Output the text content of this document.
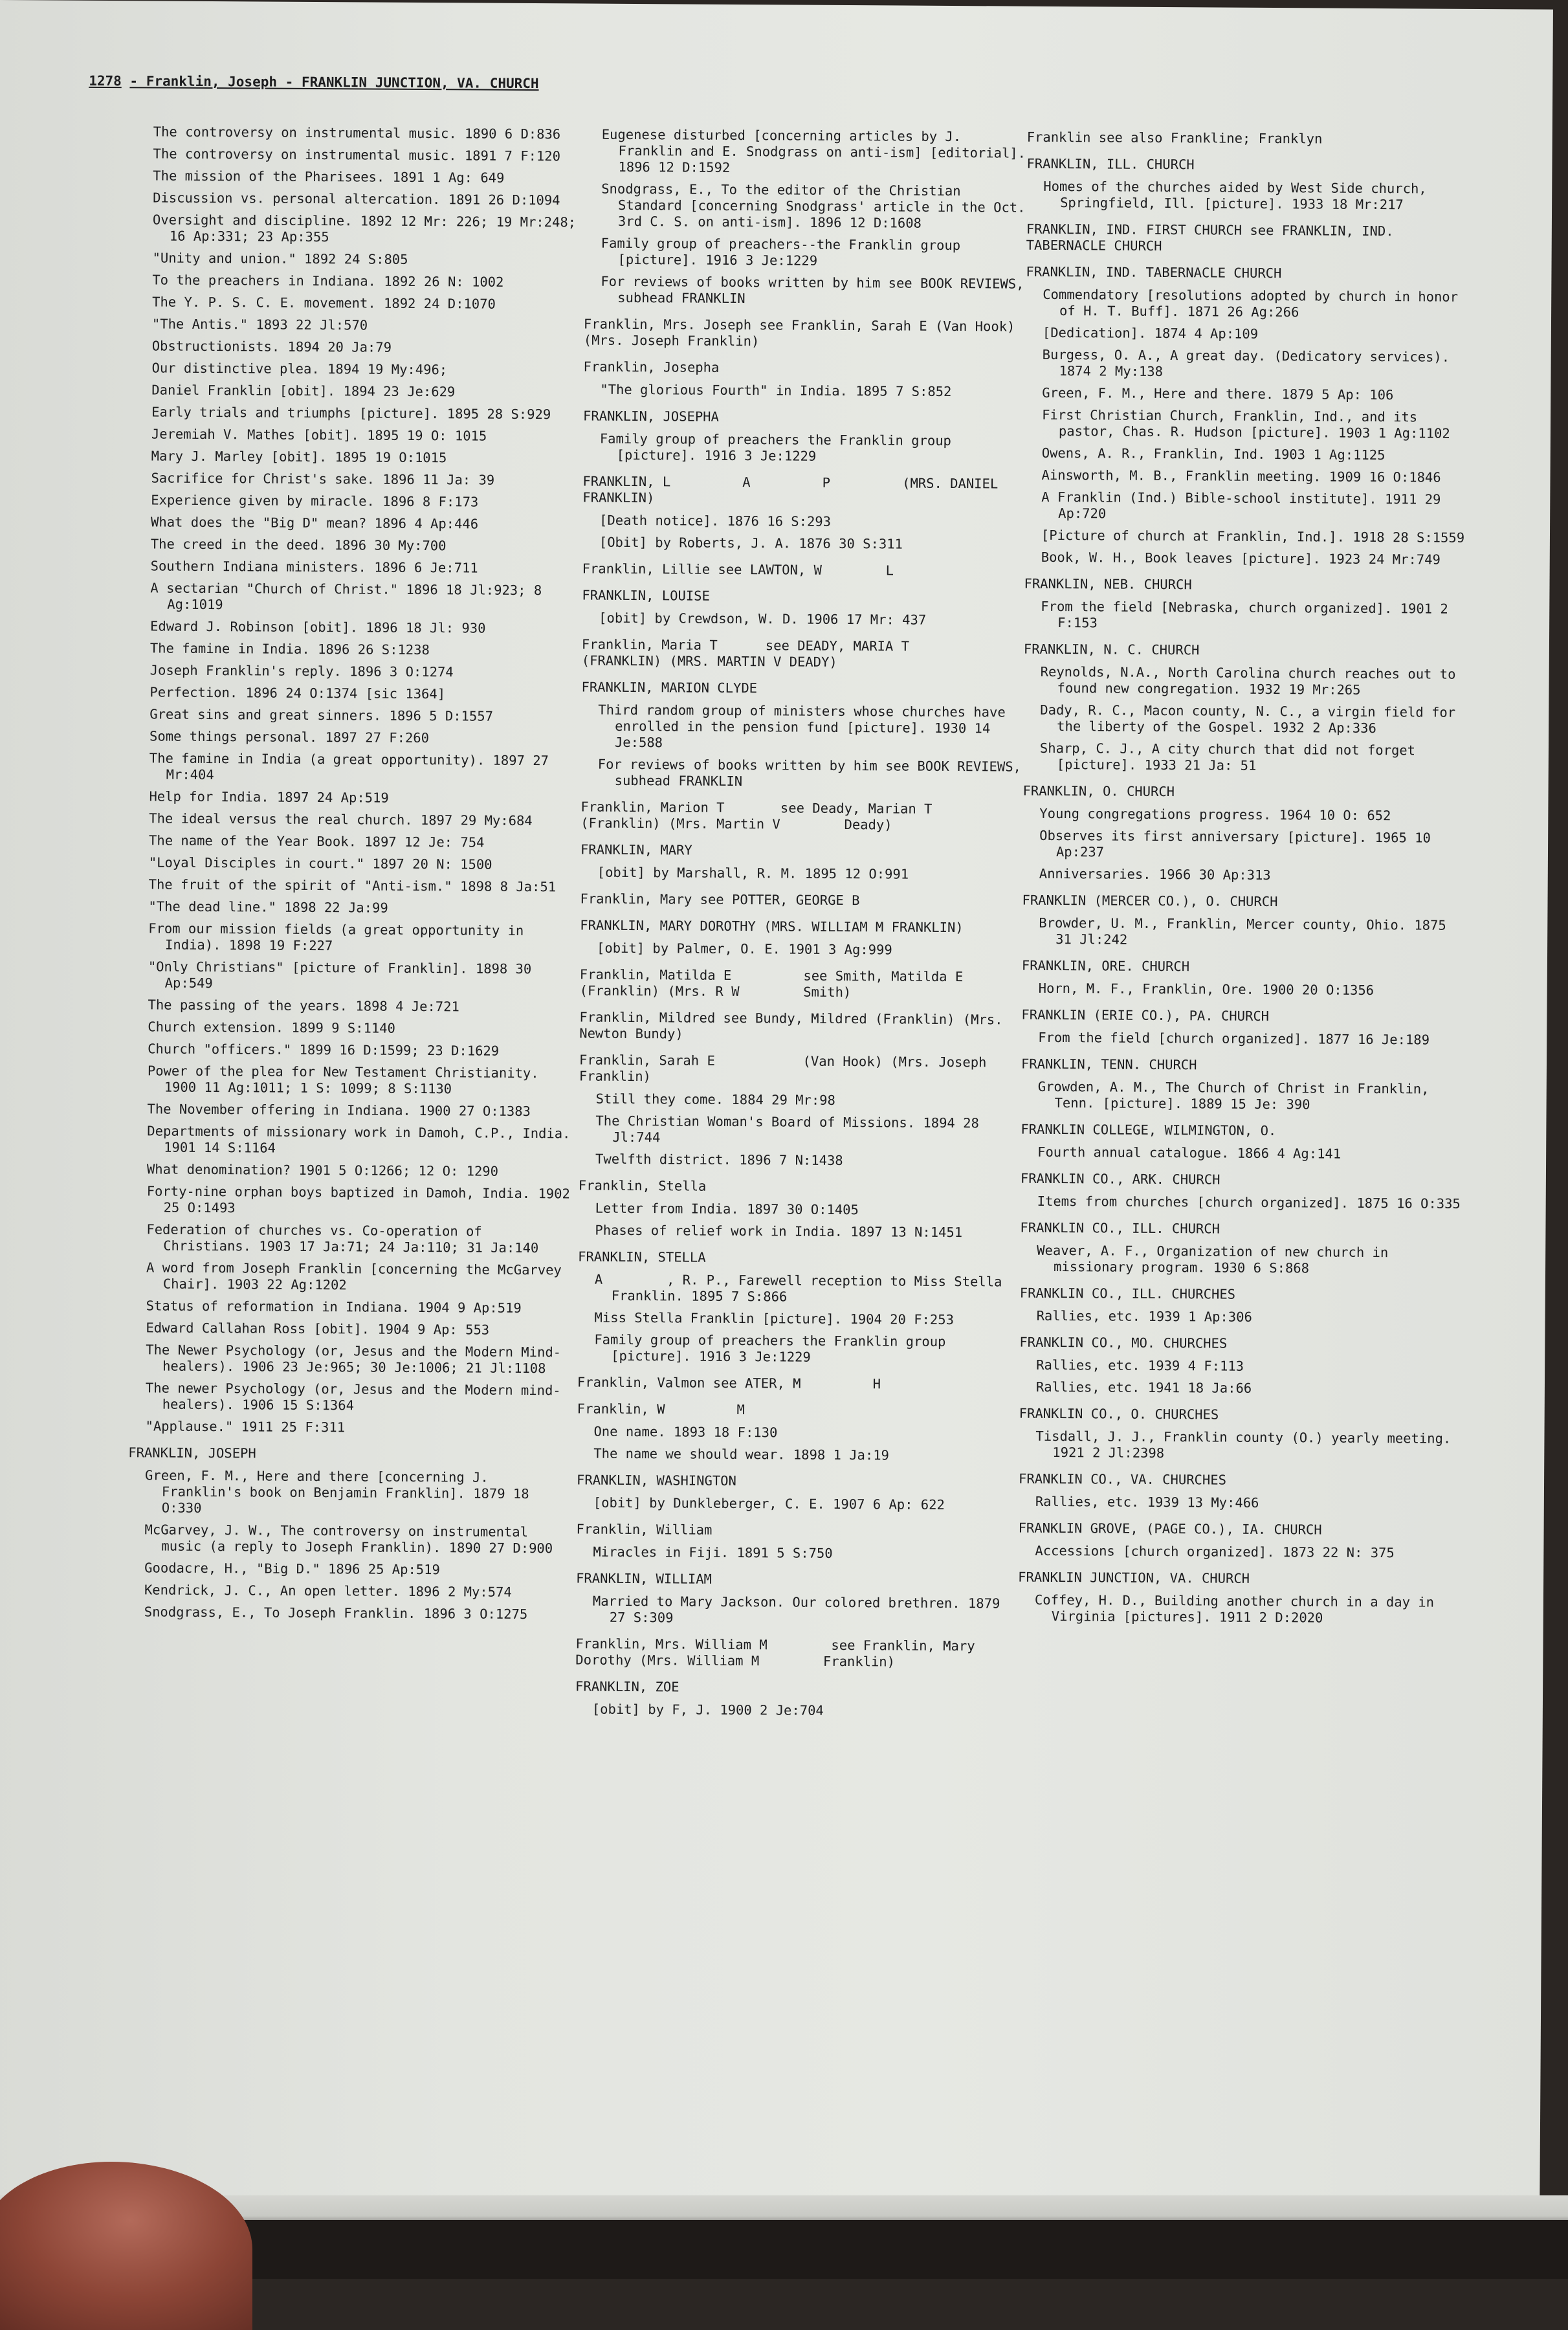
1278 - Franklin, Joseph - FRANKLIN JUNCTION, VA. CHURCH
The controversy on instrumental music. 1890 6 D:836
The controversy on instrumental music. 1891 7 F:120
The mission of the Pharisees. 1891 1 Ag: 649
Discussion vs. personal altercation. 1891 26 D:1094
Oversight and discipline. 1892 12 Mr: 226; 19 Mr:248; 16 Ap:331; 23 Ap:355
"Unity and union." 1892 24 S:805
To the preachers in Indiana. 1892 26 N: 1002
The Y. P. S. C. E. movement. 1892 24 D:1070
"The Antis." 1893 22 Jl:570
Obstructionists. 1894 20 Ja:79
Our distinctive plea. 1894 19 My:496;
Daniel Franklin [obit]. 1894 23 Je:629
Early trials and triumphs [picture]. 1895 28 S:929
Jeremiah V. Mathes [obit]. 1895 19 O: 1015
Mary J. Marley [obit]. 1895 19 O:1015
Sacrifice for Christ's sake. 1896 11 Ja: 39
Experience given by miracle. 1896 8 F:173
What does the "Big D" mean? 1896 4 Ap:446
The creed in the deed. 1896 30 My:700
Southern Indiana ministers. 1896 6 Je:711
A sectarian "Church of Christ." 1896 18 Jl:923; 8 Ag:1019
Edward J. Robinson [obit]. 1896 18 Jl: 930
The famine in India. 1896 26 S:1238
Joseph Franklin's reply. 1896 3 O:1274
Perfection. 1896 24 O:1374 [sic 1364]
Great sins and great sinners. 1896 5 D:1557
Some things personal. 1897 27 F:260
The famine in India (a great opportunity). 1897 27 Mr:404
Help for India. 1897 24 Ap:519
The ideal versus the real church. 1897 29 My:684
The name of the Year Book. 1897 12 Je: 754
"Loyal Disciples in court." 1897 20 N: 1500
The fruit of the spirit of "Anti-ism." 1898 8 Ja:51
"The dead line." 1898 22 Ja:99
From our mission fields (a great opportunity in India). 1898 19 F:227
"Only Christians" [picture of Franklin]. 1898 30 Ap:549
The passing of the years. 1898 4 Je:721
Church extension. 1899 9 S:1140
Church "officers." 1899 16 D:1599; 23 D:1629
Power of the plea for New Testament Christianity. 1900 11 Ag:1011; 1 S: 1099; 8 S:1130
The November offering in Indiana. 1900 27 O:1383
Departments of missionary work in Damoh, C.P., India. 1901 14 S:1164
What denomination? 1901 5 O:1266; 12 O: 1290
Forty-nine orphan boys baptized in Damoh, India. 1902 25 O:1493
Federation of churches vs. Co-operation of Christians. 1903 17 Ja:71; 24 Ja:110; 31 Ja:140
A word from Joseph Franklin [concerning the McGarvey Chair]. 1903 22 Ag:1202
Status of reformation in Indiana. 1904 9 Ap:519
Edward Callahan Ross [obit]. 1904 9 Ap: 553
The Newer Psychology (or, Jesus and the Modern Mind-healers). 1906 23 Je:965; 30 Je:1006; 21 Jl:1108
The newer Psychology (or, Jesus and the Modern mind-healers). 1906 15 S:1364
"Applause." 1911 25 F:311
FRANKLIN, JOSEPH
Green, F. M., Here and there [concerning J. Franklin's book on Benjamin Franklin]. 1879 18 O:330
McGarvey, J. W., The controversy on instrumental music (a reply to Joseph Franklin). 1890 27 D:900
Goodacre, H., "Big D." 1896 25 Ap:519
Kendrick, J. C., An open letter. 1896 2 My:574
Snodgrass, E., To Joseph Franklin. 1896 3 O:1275
Eugenese disturbed [concerning articles by J. Franklin and E. Snodgrass on anti-ism] [editorial]. 1896 12 D:1592
Snodgrass, E., To the editor of the Christian Standard [concerning Snodgrass' article in the Oct. 3rd C. S. on anti-ism]. 1896 12 D:1608
Family group of preachers--the Franklin group [picture]. 1916 3 Je:1229
For reviews of books written by him see BOOK REVIEWS, subhead FRANKLIN
Franklin, Mrs. Joseph see Franklin, Sarah E (Van Hook) (Mrs. Joseph Franklin)
Franklin, Josepha
"The glorious Fourth" in India. 1895 7 S:852
FRANKLIN, JOSEPHA
Family group of preachers the Franklin group [picture]. 1916 3 Je:1229
FRANKLIN, L         A         P         (MRS. DANIEL FRANKLIN)
[Death notice]. 1876 16 S:293
[Obit] by Roberts, J. A. 1876 30 S:311
Franklin, Lillie see LAWTON, W        L
FRANKLIN, LOUISE
[obit] by Crewdson, W. D. 1906 17 Mr: 437
Franklin, Maria T      see DEADY, MARIA T      (FRANKLIN) (MRS. MARTIN V DEADY)
FRANKLIN, MARION CLYDE
Third random group of ministers whose churches have enrolled in the pension fund [picture]. 1930 14 Je:588
For reviews of books written by him see BOOK REVIEWS, subhead FRANKLIN
Franklin, Marion T       see Deady, Marian T        (Franklin) (Mrs. Martin V        Deady)
FRANKLIN, MARY
[obit] by Marshall, R. M. 1895 12 O:991
Franklin, Mary see POTTER, GEORGE B
FRANKLIN, MARY DOROTHY (MRS. WILLIAM M FRANKLIN)
[obit] by Palmer, O. E. 1901 3 Ag:999
Franklin, Matilda E         see Smith, Matilda E         (Franklin) (Mrs. R W        Smith)
Franklin, Mildred see Bundy, Mildred (Franklin) (Mrs. Newton Bundy)
Franklin, Sarah E           (Van Hook) (Mrs. Joseph Franklin)
Still they come. 1884 29 Mr:98
The Christian Woman's Board of Missions. 1894 28 Jl:744
Twelfth district. 1896 7 N:1438
Franklin, Stella
Letter from India. 1897 30 O:1405
Phases of relief work in India. 1897 13 N:1451
FRANKLIN, STELLA
A        , R. P., Farewell reception to Miss Stella Franklin. 1895 7 S:866
Miss Stella Franklin [picture]. 1904 20 F:253
Family group of preachers the Franklin group [picture]. 1916 3 Je:1229
Franklin, Valmon see ATER, M         H
Franklin, W         M
One name. 1893 18 F:130
The name we should wear. 1898 1 Ja:19
FRANKLIN, WASHINGTON
[obit] by Dunkleberger, C. E. 1907 6 Ap: 622
Franklin, William
Miracles in Fiji. 1891 5 S:750
FRANKLIN, WILLIAM
Married to Mary Jackson. Our colored brethren. 1879 27 S:309
Franklin, Mrs. William M        see Franklin, Mary Dorothy (Mrs. William M        Franklin)
FRANKLIN, ZOE
[obit] by F, J. 1900 2 Je:704
Franklin see also Frankline; Franklyn
FRANKLIN, ILL. CHURCH
Homes of the churches aided by West Side church, Springfield, Ill. [picture]. 1933 18 Mr:217
FRANKLIN, IND. FIRST CHURCH see FRANKLIN, IND. TABERNACLE CHURCH
FRANKLIN, IND. TABERNACLE CHURCH
Commendatory [resolutions adopted by church in honor of H. T. Buff]. 1871 26 Ag:266
[Dedication]. 1874 4 Ap:109
Burgess, O. A., A great day. (Dedicatory services). 1874 2 My:138
Green, F. M., Here and there. 1879 5 Ap: 106
First Christian Church, Franklin, Ind., and its pastor, Chas. R. Hudson [picture]. 1903 1 Ag:1102
Owens, A. R., Franklin, Ind. 1903 1 Ag:1125
Ainsworth, M. B., Franklin meeting. 1909 16 O:1846
A Franklin (Ind.) Bible-school institute]. 1911 29 Ap:720
[Picture of church at Franklin, Ind.]. 1918 28 S:1559
Book, W. H., Book leaves [picture]. 1923 24 Mr:749
FRANKLIN, NEB. CHURCH
From the field [Nebraska, church organized]. 1901 2 F:153
FRANKLIN, N. C. CHURCH
Reynolds, N.A., North Carolina church reaches out to found new congregation. 1932 19 Mr:265
Dady, R. C., Macon county, N. C., a virgin field for the liberty of the Gospel. 1932 2 Ap:336
Sharp, C. J., A city church that did not forget [picture]. 1933 21 Ja: 51
FRANKLIN, O. CHURCH
Young congregations progress. 1964 10 O: 652
Observes its first anniversary [picture]. 1965 10 Ap:237
Anniversaries. 1966 30 Ap:313
FRANKLIN (MERCER CO.), O. CHURCH
Browder, U. M., Franklin, Mercer county, Ohio. 1875 31 Jl:242
FRANKLIN, ORE. CHURCH
Horn, M. F., Franklin, Ore. 1900 20 O:1356
FRANKLIN (ERIE CO.), PA. CHURCH
From the field [church organized]. 1877 16 Je:189
FRANKLIN, TENN. CHURCH
Growden, A. M., The Church of Christ in Franklin, Tenn. [picture]. 1889 15 Je: 390
FRANKLIN COLLEGE, WILMINGTON, O.
Fourth annual catalogue. 1866 4 Ag:141
FRANKLIN CO., ARK. CHURCH
Items from churches [church organized]. 1875 16 O:335
FRANKLIN CO., ILL. CHURCH
Weaver, A. F., Organization of new church in missionary program. 1930 6 S:868
FRANKLIN CO., ILL. CHURCHES
Rallies, etc. 1939 1 Ap:306
FRANKLIN CO., MO. CHURCHES
Rallies, etc. 1939 4 F:113
Rallies, etc. 1941 18 Ja:66
FRANKLIN CO., O. CHURCHES
Tisdall, J. J., Franklin county (O.) yearly meeting. 1921 2 Jl:2398
FRANKLIN CO., VA. CHURCHES
Rallies, etc. 1939 13 My:466
FRANKLIN GROVE, (PAGE CO.), IA. CHURCH
Accessions [church organized]. 1873 22 N: 375
FRANKLIN JUNCTION, VA. CHURCH
Coffey, H. D., Building another church in a day in Virginia [pictures]. 1911 2 D:2020
